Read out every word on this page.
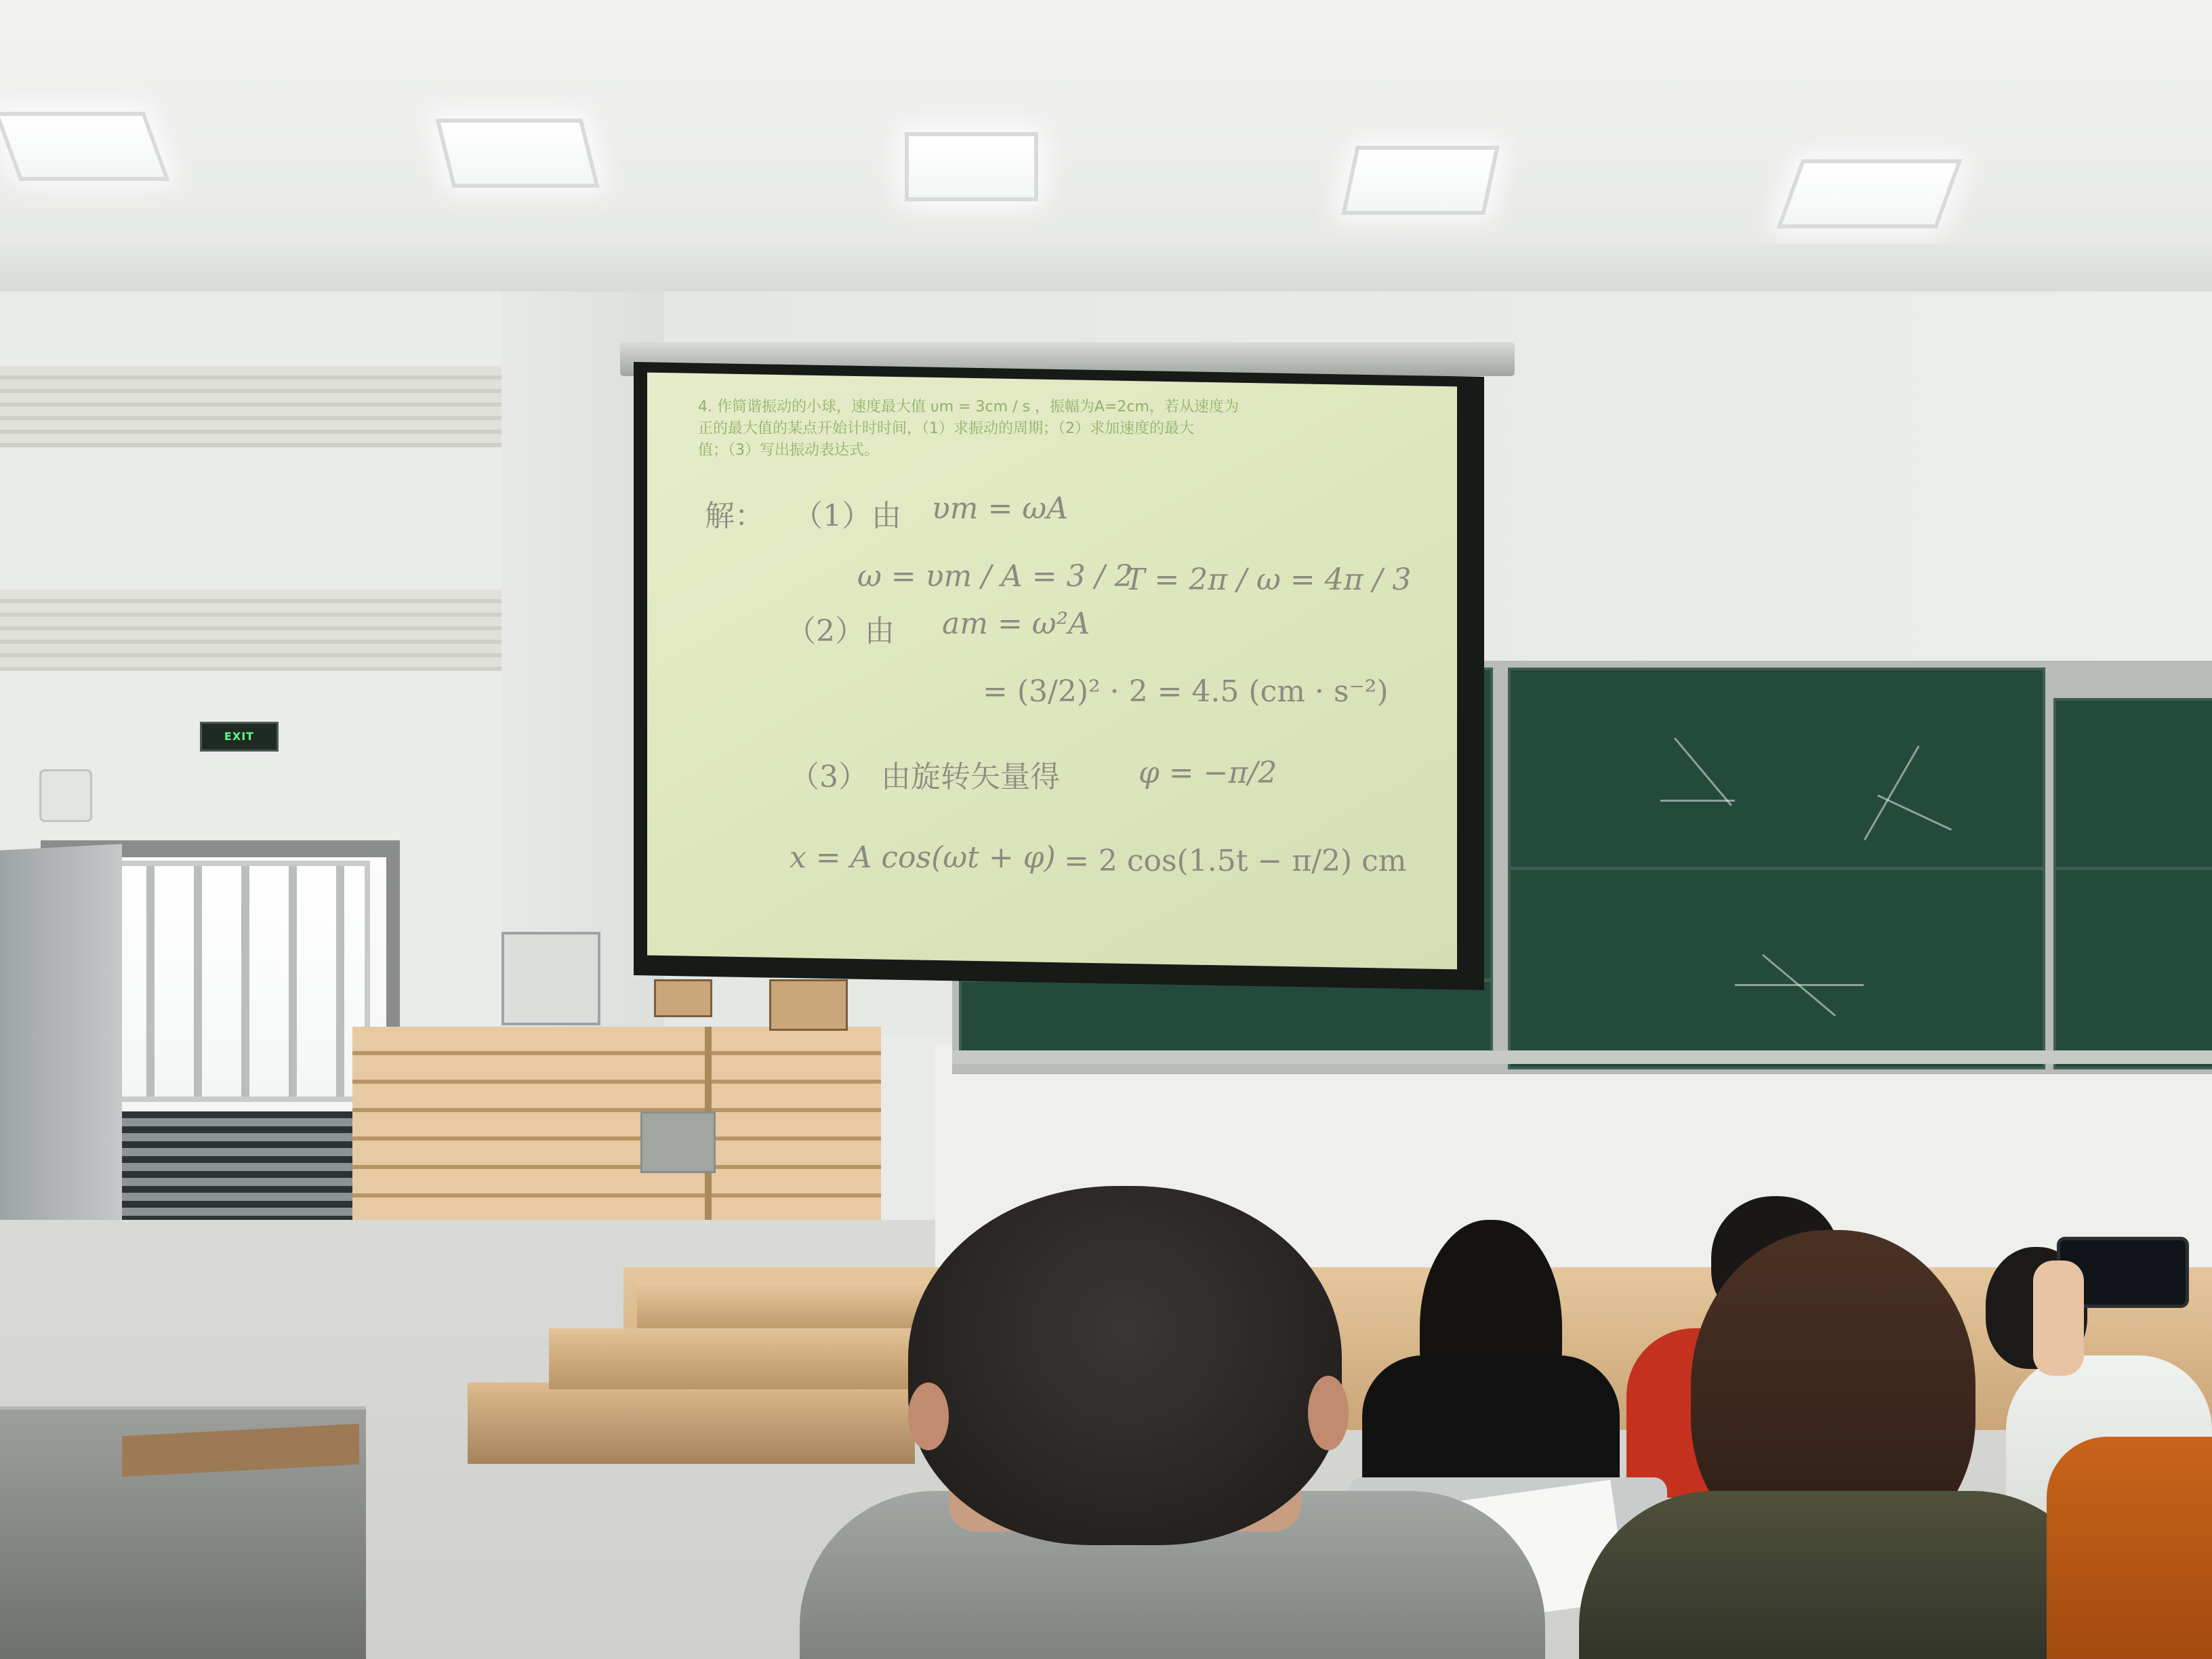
EXIT
4. 作简谐振动的小球，速度最大值 υm = 3cm / s ，振幅为A=2cm，若从速度为
正的最大值的某点开始计时时间，（1）求振动的周期；（2）求加速度的最大
值；（3）写出振动表达式。
解： （1）由 υm = ωA
ω = υm / A = 3 / 2
T = 2π / ω = 4π / 3
（2）由 am = ω²A
= (3/2)² · 2 = 4.5 (cm · s⁻²)
（3） 由旋转矢量得	φ = −π/2
x = A cos(ωt + φ) = 2 cos(1.5t − π/2) cm
